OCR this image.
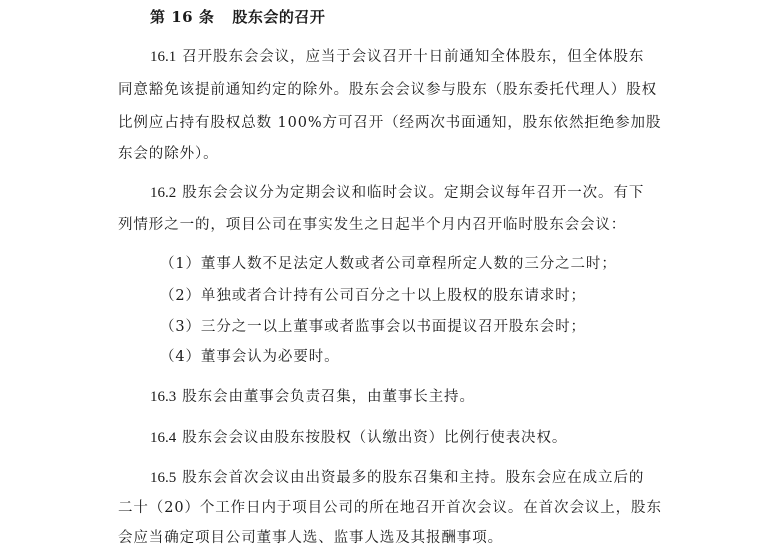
第 16 条 股东会的召开
16.1 召开股东会会议，应当于会议召开十日前通知全体股东，但全体股东
同意豁免该提前通知约定的除外。股东会会议参与股东（股东委托代理人）股权
比例应占持有股权总数 100%方可召开（经两次书面通知，股东依然拒绝参加股
东会的除外）。
16.2 股东会会议分为定期会议和临时会议。定期会议每年召开一次。有下
列情形之一的，项目公司在事实发生之日起半个月内召开临时股东会会议：
（1）董事人数不足法定人数或者公司章程所定人数的三分之二时；
（2）单独或者合计持有公司百分之十以上股权的股东请求时；
（3）三分之一以上董事或者监事会以书面提议召开股东会时；
（4）董事会认为必要时。
16.3 股东会由董事会负责召集，由董事长主持。
16.4 股东会会议由股东按股权（认缴出资）比例行使表决权。
16.5 股东会首次会议由出资最多的股东召集和主持。股东会应在成立后的
二十（20）个工作日内于项目公司的所在地召开首次会议。在首次会议上，股东
会应当确定项目公司董事人选、监事人选及其报酬事项。
